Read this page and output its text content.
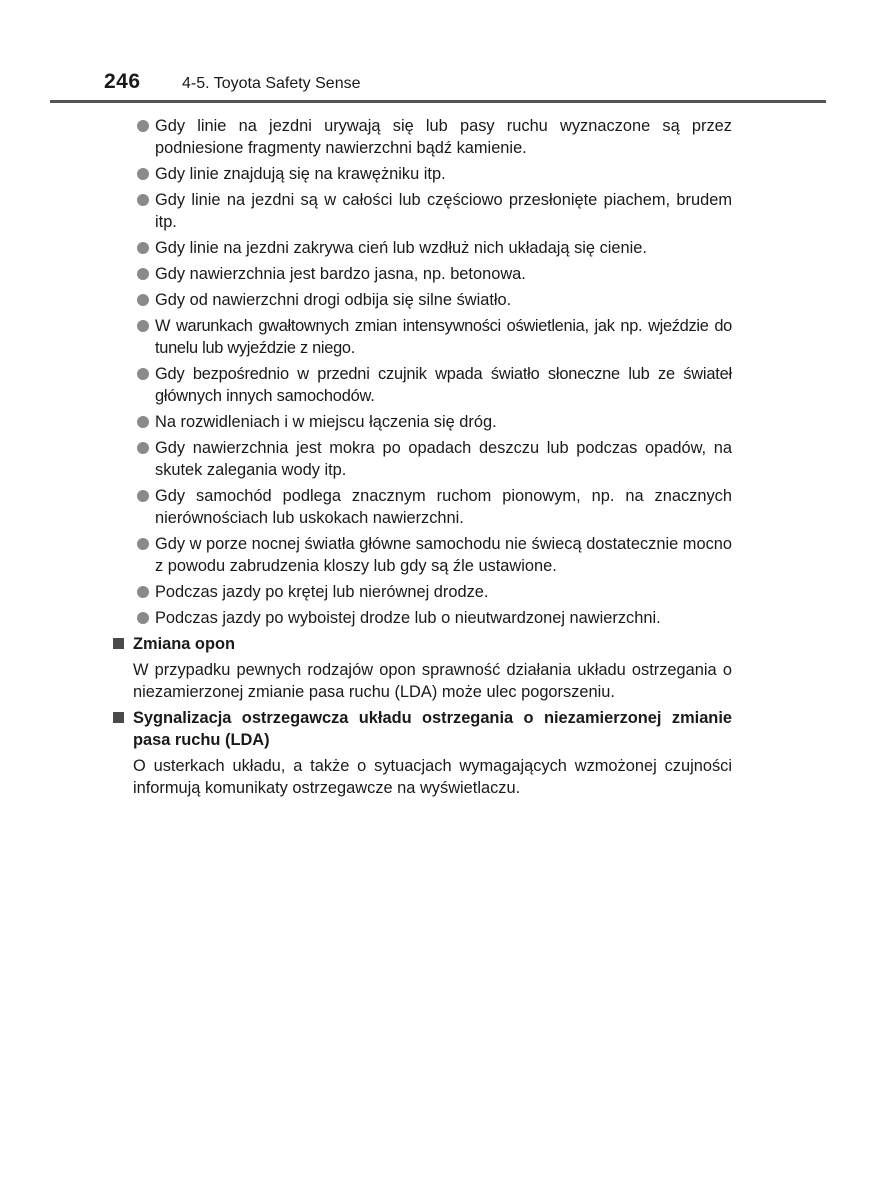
246	4-5. Toyota Safety Sense
Gdy linie na jezdni urywają się lub pasy ruchu wyznaczone są przez podniesione fragmenty nawierzchni bądź kamienie.
Gdy linie znajdują się na krawężniku itp.
Gdy linie na jezdni są w całości lub częściowo przesłonięte piachem, brudem itp.
Gdy linie na jezdni zakrywa cień lub wzdłuż nich układają się cienie.
Gdy nawierzchnia jest bardzo jasna, np. betonowa.
Gdy od nawierzchni drogi odbija się silne światło.
W warunkach gwałtownych zmian intensywności oświetlenia, jak np. wjeździe do tunelu lub wyjeździe z niego.
Gdy bezpośrednio w przedni czujnik wpada światło słoneczne lub ze świateł głównych innych samochodów.
Na rozwidleniach i w miejscu łączenia się dróg.
Gdy nawierzchnia jest mokra po opadach deszczu lub podczas opadów, na skutek zalegania wody itp.
Gdy samochód podlega znacznym ruchom pionowym, np. na znacznych nierównościach lub uskokach nawierzchni.
Gdy w porze nocnej światła główne samochodu nie świecą dostatecznie mocno z powodu zabrudzenia kloszy lub gdy są źle ustawione.
Podczas jazdy po krętej lub nierównej drodze.
Podczas jazdy po wyboistej drodze lub o nieutwardzonej nawierzchni.
Zmiana opon
W przypadku pewnych rodzajów opon sprawność działania układu ostrzegania o niezamierzonej zmianie pasa ruchu (LDA) może ulec pogorszeniu.
Sygnalizacja ostrzegawcza układu ostrzegania o niezamierzonej zmianie pasa ruchu (LDA)
O usterkach układu, a także o sytuacjach wymagających wzmożonej czujności informują komunikaty ostrzegawcze na wyświetlaczu.
